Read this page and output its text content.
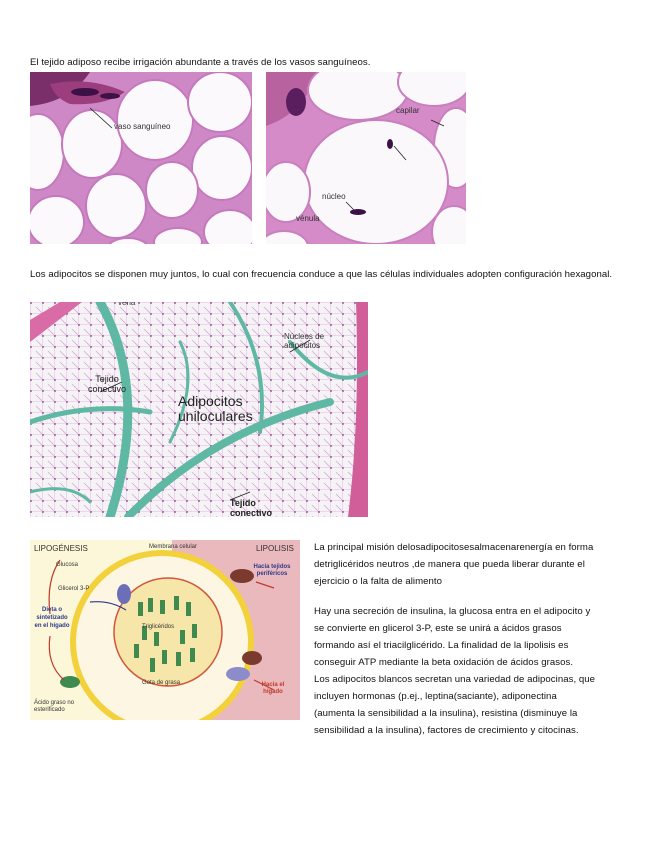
El tejido adiposo recibe irrigación abundante a través de los vasos sanguíneos.
vaso sanguíneo
capilar
núcleo
vénula
Los adipocitos se disponen muy juntos, lo cual con frecuencia conduce a que las células individuales adopten configuración hexagonal.
vena
Núcleos de adipocitos
Tejido conectivo
Adipocitos uniloculares
Tejido conectivo
LIPOGÉNESIS	LIPOLISIS
Membrana celular
Glucosa
Glicerol 3-P
Dieta o sintetizado en el hígado	Triglicéridos
Gota de grasa
Ácido graso no esterificado
Hacia tejidos periféricos
Hacia el hígado
La principal misión delosadipocitosesalmacenarenergía en forma
detriglicéridos neutros ,de manera que pueda liberar durante el
ejercicio o la falta de alimento
Hay una secreción de insulina, la glucosa entra en el adipocito y
se convierte en glicerol 3-P, este se unirá a ácidos grasos
formando así el triacilglicérido. La finalidad de la lipolisis es
conseguir ATP mediante la beta oxidación de ácidos grasos.
Los adipocitos blancos secretan una variedad de adipocinas, que
incluyen hormonas (p.ej., leptina(saciante), adiponectina
(aumenta la sensibilidad a la insulina), resistina (disminuye la
sensibilidad a la insulina), factores de crecimiento y citocinas.
